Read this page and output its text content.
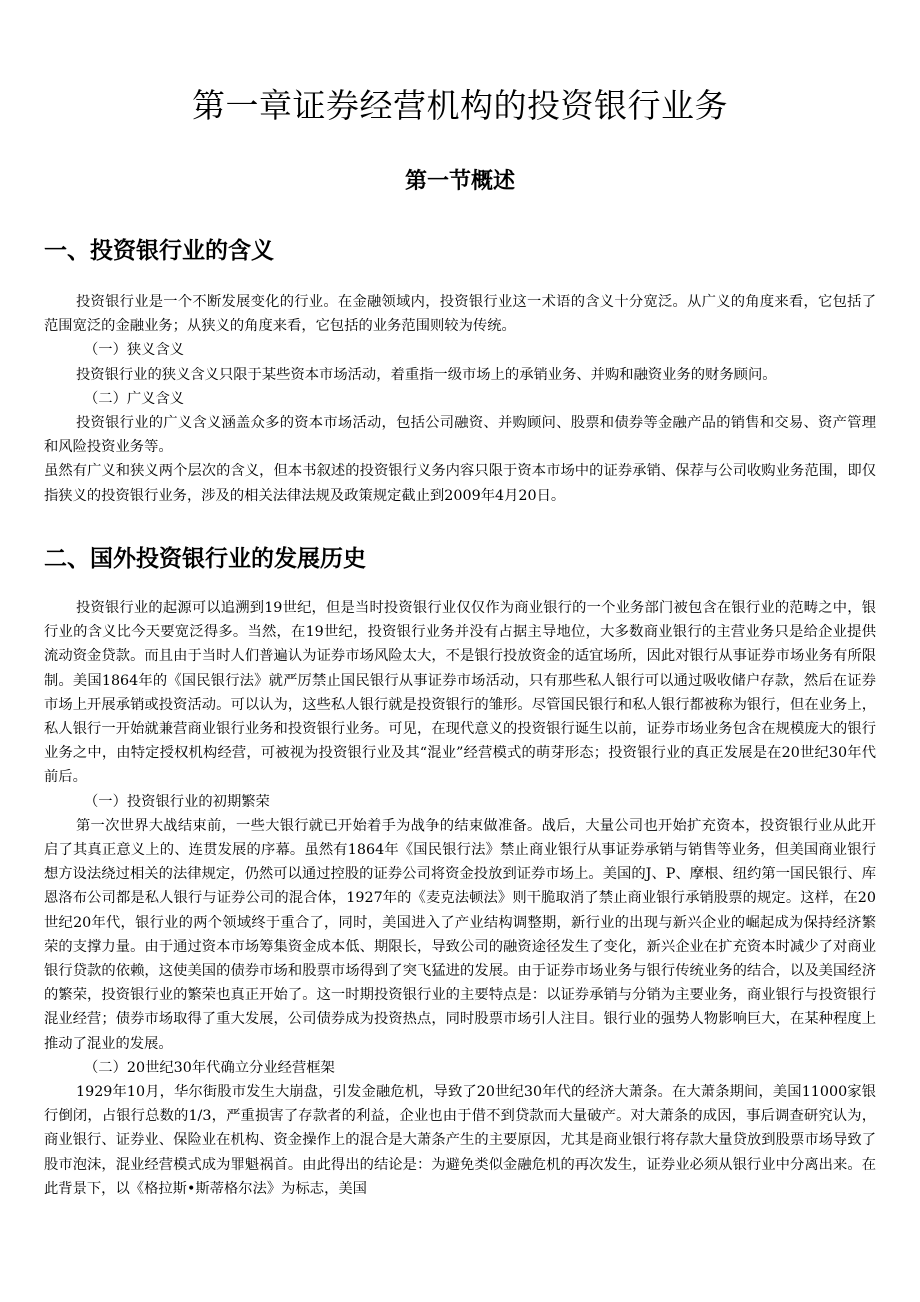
第一章证券经营机构的投资银行业务
第一节概述
一、投资银行业的含义

投资银行业是一个不断发展变化的行业。在金融领域内，投资银行业这一术语的含义十分宽泛。从广义的角度来看，它包括了范围宽泛的金融业务；从狭义的角度来看，它包括的业务范围则较为传统。

（一）狭义含义

投资银行业的狭义含义只限于某些资本市场活动，着重指一级市场上的承销业务、并购和融资业务的财务顾问。

（二）广义含义

投资银行业的广义含义涵盖众多的资本市场活动，包括公司融资、并购顾问、股票和债券等金融产品的销售和交易、资产管理和风险投资业务等。

虽然有广义和狭义两个层次的含义，但本书叙述的投资银行义务内容只限于资本市场中的证券承销、保荐与公司收购业务范围，即仅指狭义的投资银行业务，涉及的相关法律法规及政策规定截止到2009年4月20日。

二、国外投资银行业的发展历史

投资银行业的起源可以追溯到19世纪，但是当时投资银行业仅仅作为商业银行的一个业务部门被包含在银行业的范畴之中，银行业的含义比今天要宽泛得多。当然，在19世纪，投资银行业务并没有占据主导地位，大多数商业银行的主营业务只是给企业提供流动资金贷款。而且由于当时人们普遍认为证券市场风险太大，不是银行投放资金的适宜场所，因此对银行从事证券市场业务有所限制。美国1864年的《国民银行法》就严厉禁止国民银行从事证券市场活动，只有那些私人银行可以通过吸收储户存款，然后在证券市场上开展承销或投资活动。可以认为，这些私人银行就是投资银行的雏形。尽管国民银行和私人银行都被称为银行，但在业务上，私人银行一开始就兼营商业银行业务和投资银行业务。可见，在现代意义的投资银行诞生以前，证券市场业务包含在规模庞大的银行业务之中，由特定授权机构经营，可被视为投资银行业及其“混业”经营模式的萌芽形态；投资银行业的真正发展是在20世纪30年代前后。

（一）投资银行业的初期繁荣

第一次世界大战结束前，一些大银行就已开始着手为战争的结束做准备。战后，大量公司也开始扩充资本，投资银行业从此开启了其真正意义上的、连贯发展的序幕。虽然有1864年《国民银行法》禁止商业银行从事证券承销与销售等业务，但美国商业银行想方设法绕过相关的法律规定，仍然可以通过控股的证券公司将资金投放到证券市场上。美国的J、P、摩根、纽约第一国民银行、库恩洛布公司都是私人银行与证券公司的混合体，1927年的《麦克法顿法》则干脆取消了禁止商业银行承销股票的规定。这样，在20世纪20年代，银行业的两个领域终于重合了，同时，美国进入了产业结构调整期，新行业的出现与新兴企业的崛起成为保持经济繁荣的支撑力量。由于通过资本市场筹集资金成本低、期限长，导致公司的融资途径发生了变化，新兴企业在扩充资本时减少了对商业银行贷款的依赖，这使美国的债券市场和股票市场得到了突飞猛进的发展。由于证券市场业务与银行传统业务的结合，以及美国经济的繁荣，投资银行业的繁荣也真正开始了。这一时期投资银行业的主要特点是：以证券承销与分销为主要业务，商业银行与投资银行混业经营；债券市场取得了重大发展，公司债券成为投资热点，同时股票市场引人注目。银行业的强势人物影响巨大，在某种程度上推动了混业的发展。

（二）20世纪30年代确立分业经营框架

1929年10月，华尔街股市发生大崩盘，引发金融危机，导致了20世纪30年代的经济大萧条。在大萧条期间，美国11000家银行倒闭，占银行总数的1/3，严重损害了存款者的利益，企业也由于借不到贷款而大量破产。对大萧条的成因，事后调查研究认为，商业银行、证券业、保险业在机构、资金操作上的混合是大萧条产生的主要原因，尤其是商业银行将存款大量贷放到股票市场导致了股市泡沫，混业经营模式成为罪魁祸首。由此得出的结论是：为避免类似金融危机的再次发生，证券业必须从银行业中分离出来。在此背景下，以《格拉斯•斯蒂格尔法》为标志，美国
